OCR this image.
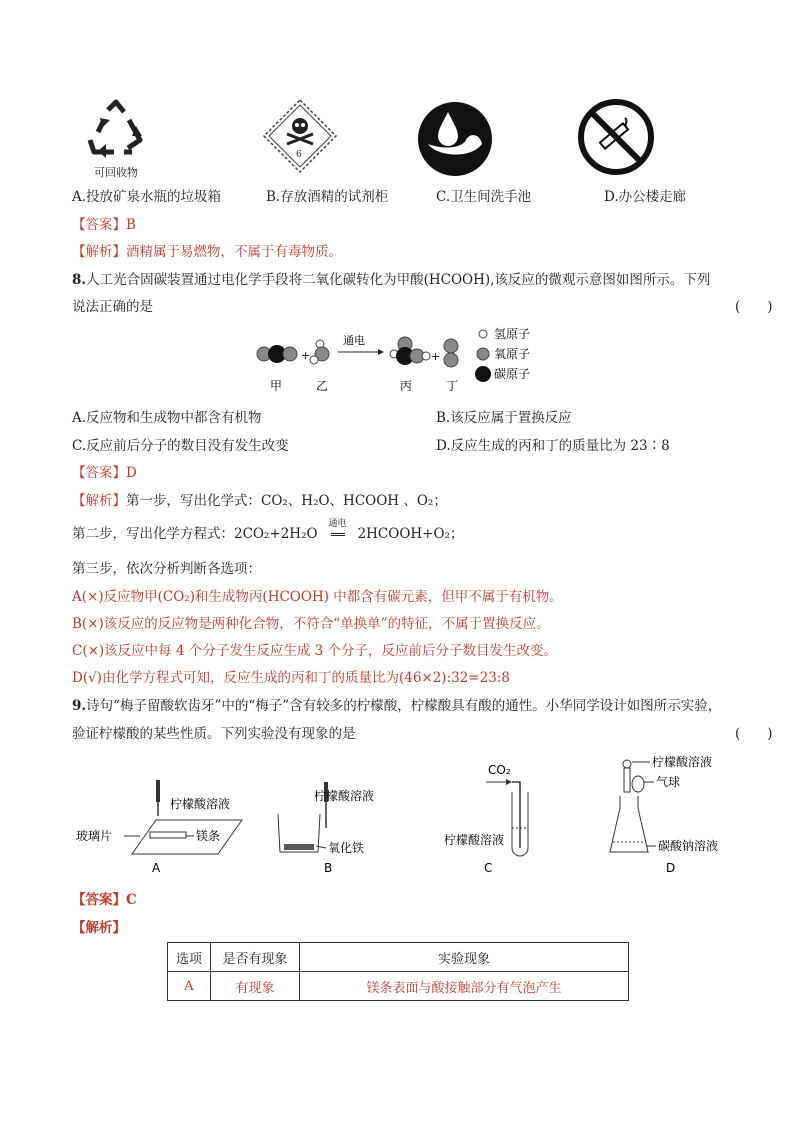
可回收物
6
A.投放矿泉水瓶的垃圾箱	B.存放酒精的试剂柜	C.卫生间洗手池	D.办公楼走廊
【答案】B
【解析】酒精属于易燃物，不属于有毒物质。
8.人工光合固碳装置通过电化学手段将二氧化碳转化为甲酸(HCOOH),该反应的微观示意图如图所示。下列
说法正确的是	(　　)
+
通电
+
甲	乙	丙	丁
氢原子
氧原子
碳原子
A.反应物和生成物中都含有机物	B.该反应属于置换反应
C.反应前后分子的数目没有发生改变	D.反应生成的丙和丁的质量比为 23∶8
【答案】D
【解析】第一步，写出化学式：CO₂、H₂O、HCOOH 、O₂；
第二步，写出化学方程式：2CO₂+2H₂O
通电
2HCOOH+O₂；
第三步，依次分析判断各选项：
A(×)反应物甲(CO₂)和生成物丙(HCOOH) 中都含有碳元素，但甲不属于有机物。
B(×)该反应的反应物是两种化合物，不符合“单换单”的特征，不属于置换反应。
C(×)该反应中每 4 个分子发生反应生成 3 个分子，反应前后分子数目发生改变。
D(√)由化学方程式可知，反应生成的丙和丁的质量比为(46×2):32=23:8
9.诗句“梅子留酸软齿牙”中的“梅子”含有较多的柠檬酸，柠檬酸具有酸的通性。小华同学设计如图所示实验，
验证柠檬酸的某些性质。下列实验没有现象的是	(　　)
柠檬酸溶液
玻璃片	镁条
A
柠檬酸溶液
氧化铁
B
CO₂
柠檬酸溶液
C
柠檬酸溶液
气球
碳酸钠溶液
D
【答案】C
【解析】
选项	是否有现象	实验现象
A	有现象	镁条表面与酸接触部分有气泡产生
